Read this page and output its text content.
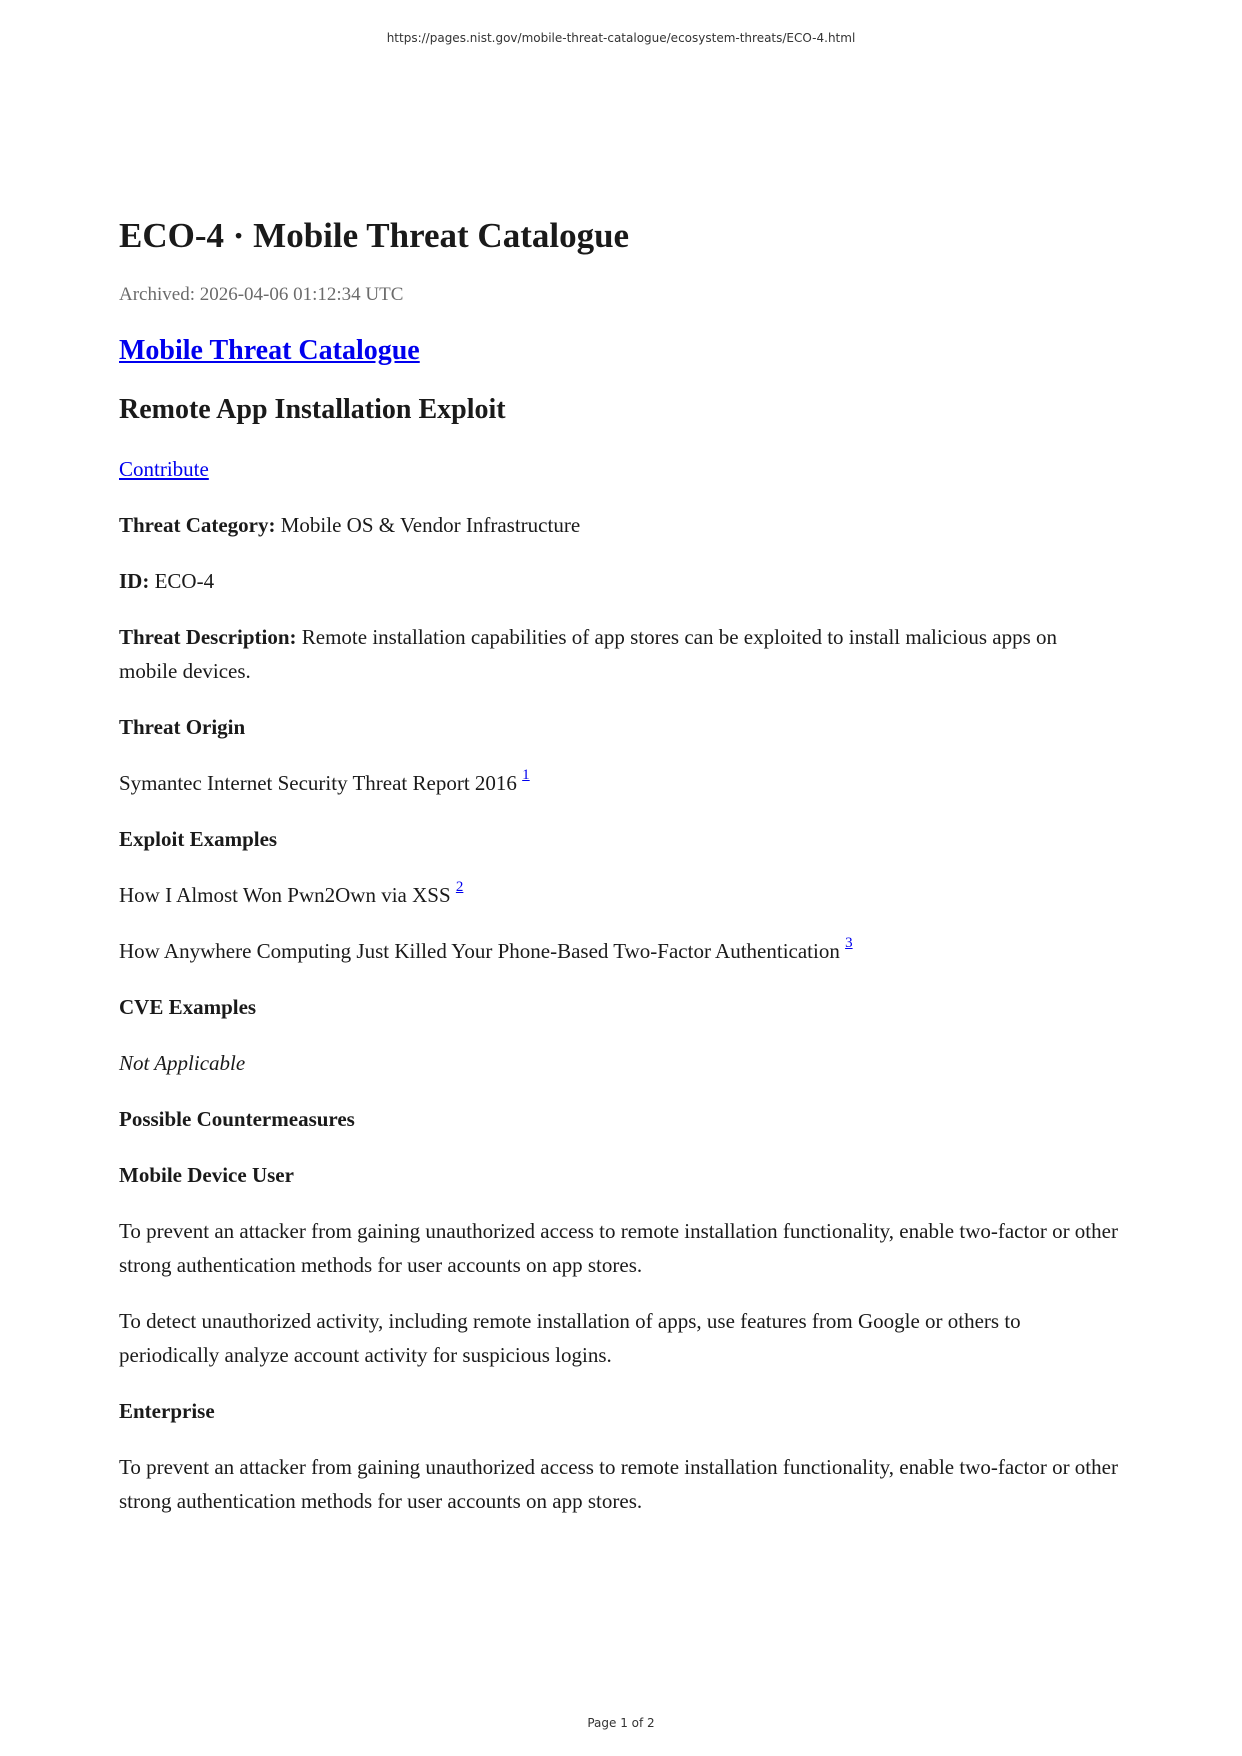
https://pages.nist.gov/mobile-threat-catalogue/ecosystem-threats/ECO-4.html
ECO-4 · Mobile Threat Catalogue
Archived: 2026-04-06 01:12:34 UTC
Mobile Threat Catalogue
Remote App Installation Exploit

Contribute

Threat Category: Mobile OS & Vendor Infrastructure

ID: ECO-4

Threat Description: Remote installation capabilities of app stores can be exploited to install malicious apps on mobile devices.

Threat Origin

Symantec Internet Security Threat Report 2016 $^1$

Exploit Examples

How I Almost Won Pwn2Own via XSS $^2$

How Anywhere Computing Just Killed Your Phone-Based Two-Factor Authentication $^3$

CVE Examples

Not Applicable

Possible Countermeasures
Mobile Device User

To prevent an attacker from gaining unauthorized access to remote installation functionality, enable two-factor or other strong authentication methods for user accounts on app stores.

To detect unauthorized activity, including remote installation of apps, use features from Google or others to periodically analyze account activity for suspicious logins.

Enterprise

To prevent an attacker from gaining unauthorized access to remote installation functionality, enable two-factor or other strong authentication methods for user accounts on app stores.

Page 1 of 2
